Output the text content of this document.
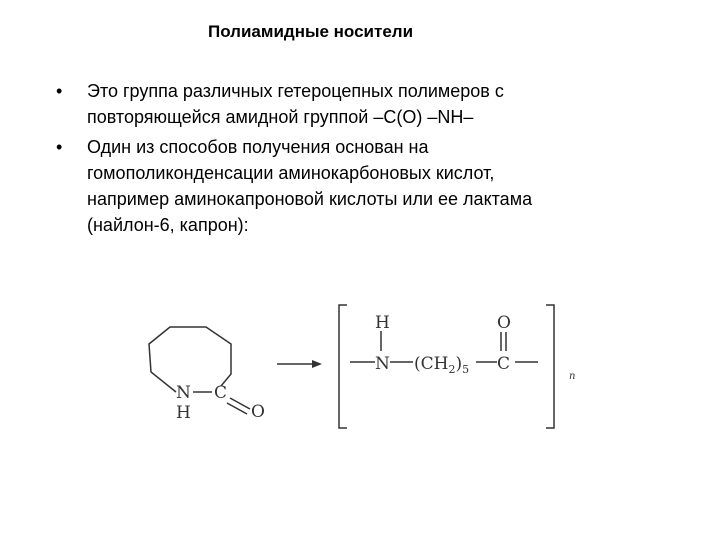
Полиамидные носители
• Это группа различных гетероцепных полимеров с
повторяющейся амидной группой –C(O) –NH–
• Один из способов получения основан на
гомополиконденсации аминокарбоновых кислот,
например аминокапроновой кислоты или ее лактама
(найлон-6, капрон):
N
H
C
O
H
N $(CH_2)_5$ C
O
n
